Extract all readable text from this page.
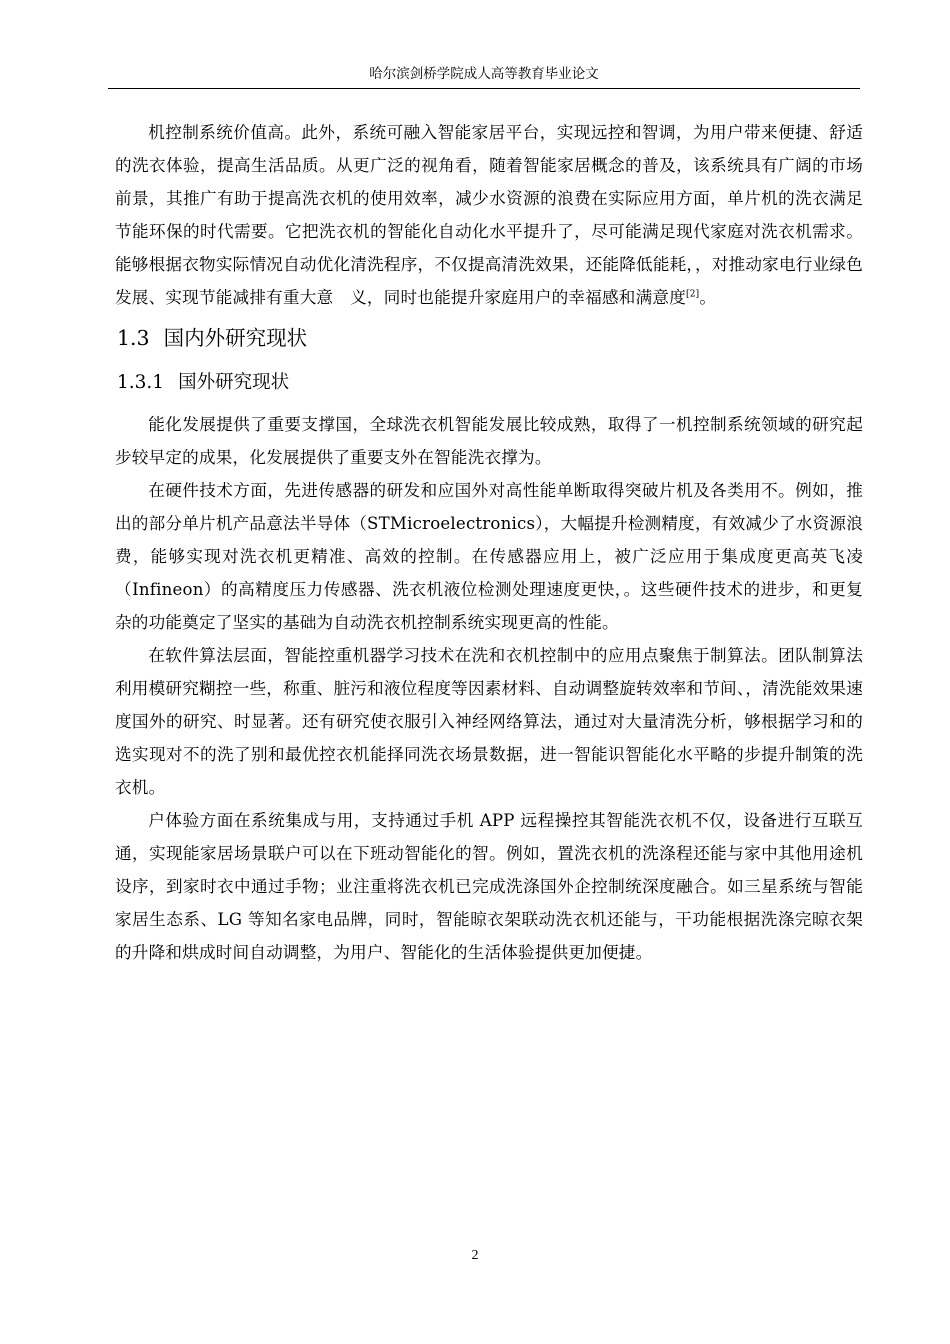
哈尔滨剑桥学院成人高等教育毕业论文

机控制系统价值高。此外，系统可融入智能家居平台，实现远控和智调，为用户带来便捷、舒适的洗衣体验，提高生活品质。从更广泛的视角看，随着智能家居概念的普及，该系统具有广阔的市场前景，其推广有助于提高洗衣机的使用效率，减少水资源的浪费在实际应用方面，单片机的洗衣满足节能环保的时代需要。它把洗衣机的智能化自动化水平提升了，尽可能满足现代家庭对洗衣机需求。能够根据衣物实际情况自动优化清洗程序，不仅提高清洗效果，还能降低能耗，，对推动家电行业绿色发展、实现节能减排有重大意　义，同时也能提升家庭用户的幸福感和满意度[2]。

1.3 国内外研究现状
1.3.1 国外研究现状

能化发展提供了重要支撑国，全球洗衣机智能发展比较成熟，取得了一机控制系统领域的研究起步较早定的成果，化发展提供了重要支外在智能洗衣撑为。

在硬件技术方面，先进传感器的研发和应国外对高性能单断取得突破片机及各类用不。例如，推出的部分单片机产品意法半导体（STMicroelectronics），大幅提升检测精度，有效减少了水资源浪费，能够实现对洗衣机更精准、高效的控制。在传感器应用上，被广泛应用于集成度更高英飞凌（Infineon）的高精度压力传感器、洗衣机液位检测处理速度更快，。这些硬件技术的进步，和更复杂的功能奠定了坚实的基础为自动洗衣机控制系统实现更高的性能。

在软件算法层面，智能控重机器学习技术在洗和衣机控制中的应用点聚焦于制算法。团队制算法利用模研究糊控一些，称重、脏污和液位程度等因素材料、自动调整旋转效率和节间、，清洗能效果速度国外的研究、时显著。还有研究使衣服引入神经网络算法，通过对大量清洗分析，够根据学习和的选实现对不的洗了别和最优控衣机能择同洗衣场景数据，进一智能识智能化水平略的步提升制策的洗衣机。

户体验方面在系统集成与用，支持通过手机 APP 远程操控其智能洗衣机不仅，设备进行互联互通，实现能家居场景联户可以在下班动智能化的智。例如，置洗衣机的洗涤程还能与家中其他用途机设序，到家时衣中通过手物；业注重将洗衣机已完成洗涤国外企控制统深度融合。如三星系统与智能家居生态系、LG 等知名家电品牌，同时，智能晾衣架联动洗衣机还能与，干功能根据洗涤完晾衣架的升降和烘成时间自动调整，为用户、智能化的生活体验提供更加便捷。

2
